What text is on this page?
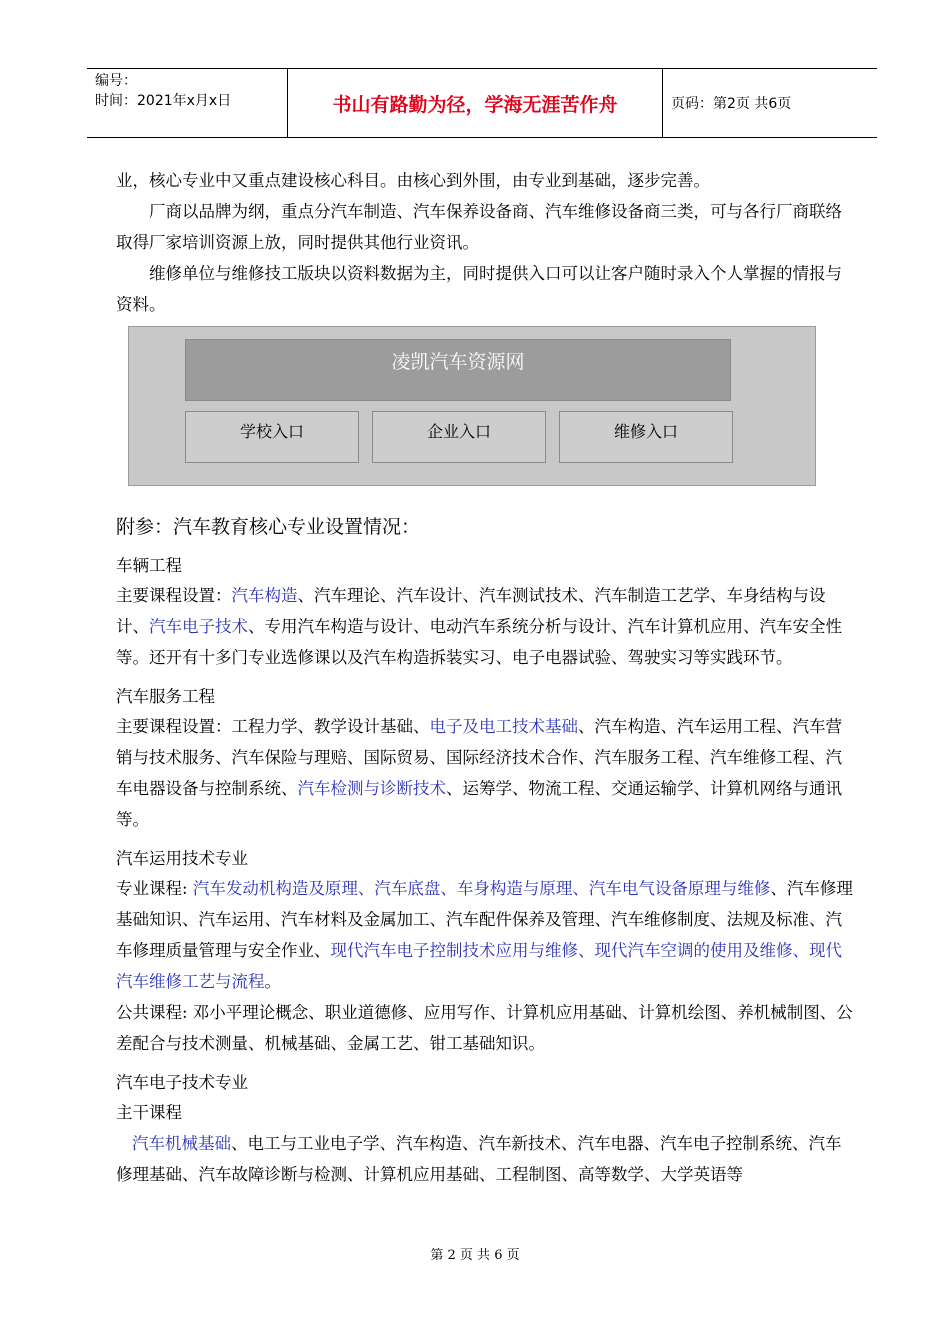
编号：
时间：2021年x月x日	书山有路勤为径，学海无涯苦作舟	页码：第2页 共6页

业，核心专业中又重点建设核心科目。由核心到外围，由专业到基础，逐步完善。

厂商以品牌为纲，重点分汽车制造、汽车保养设备商、汽车维修设备商三类，可与各行厂商联络取得厂家培训资源上放，同时提供其他行业资讯。

维修单位与维修技工版块以资料数据为主，同时提供入口可以让客户随时录入个人掌握的情报与资料。

凌凯汽车资源网
学校入口	企业入口	维修入口
附参：汽车教育核心专业设置情况：
车辆工程

主要课程设置：汽车构造、汽车理论、汽车设计、汽车测试技术、汽车制造工艺学、车身结构与设计、汽车电子技术、专用汽车构造与设计、电动汽车系统分析与设计、汽车计算机应用、汽车安全性等。还开有十多门专业选修课以及汽车构造拆装实习、电子电器试验、驾驶实习等实践环节。

汽车服务工程

主要课程设置：工程力学、教学设计基础、电子及电工技术基础、汽车构造、汽车运用工程、汽车营销与技术服务、汽车保险与理赔、国际贸易、国际经济技术合作、汽车服务工程、汽车维修工程、汽车电器设备与控制系统、汽车检测与诊断技术、运筹学、物流工程、交通运输学、计算机网络与通讯等。

汽车运用技术专业

专业课程: 汽车发动机构造及原理、汽车底盘、车身构造与原理、汽车电气设备原理与维修、汽车修理基础知识、汽车运用、汽车材料及金属加工、汽车配件保养及管理、汽车维修制度、法规及标准、汽车修理质量管理与安全作业、现代汽车电子控制技术应用与维修、现代汽车空调的使用及维修、现代汽车维修工艺与流程。

公共课程: 邓小平理论概念、职业道德修、应用写作、计算机应用基础、计算机绘图、养机械制图、公差配合与技术测量、机械基础、金属工艺、钳工基础知识。

汽车电子技术专业

主干课程

汽车机械基础、电工与工业电子学、汽车构造、汽车新技术、汽车电器、汽车电子控制系统、汽车修理基础、汽车故障诊断与检测、计算机应用基础、工程制图、高等数学、大学英语等

第 2 页 共 6 页
